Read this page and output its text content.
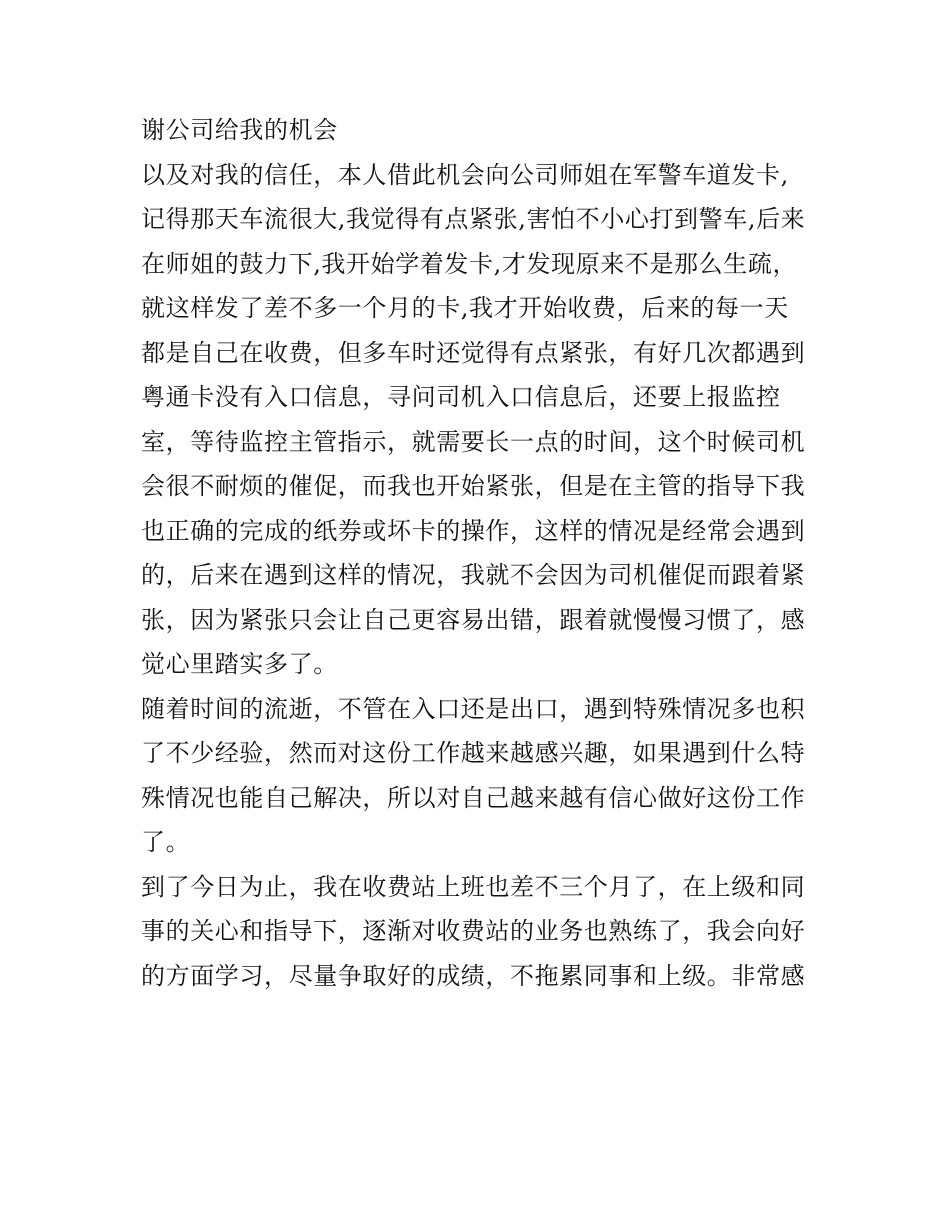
谢公司给我的机会
以及对我的信任，本人借此机会向公司师姐在军警车道发卡,
记得那天车流很大,我觉得有点紧张,害怕不小心打到警车,后来
在师姐的鼓力下,我开始学着发卡,才发现原来不是那么生疏，
就这样发了差不多一个月的卡,我才开始收费，后来的每一天
都是自己在收费，但多车时还觉得有点紧张，有好几次都遇到
粤通卡没有入口信息，寻问司机入口信息后，还要上报监控
室，等待监控主管指示，就需要长一点的时间，这个时候司机
会很不耐烦的催促，而我也开始紧张，但是在主管的指导下我
也正确的完成的纸券或坏卡的操作，这样的情况是经常会遇到
的，后来在遇到这样的情况，我就不会因为司机催促而跟着紧
张，因为紧张只会让自己更容易出错，跟着就慢慢习惯了，感
觉心里踏实多了。
随着时间的流逝，不管在入口还是出口，遇到特殊情况多也积
了不少经验，然而对这份工作越来越感兴趣，如果遇到什么特
殊情况也能自己解决，所以对自己越来越有信心做好这份工作
了。
到了今日为止，我在收费站上班也差不三个月了，在上级和同
事的关心和指导下，逐渐对收费站的业务也熟练了，我会向好
的方面学习，尽量争取好的成绩，不拖累同事和上级。非常感
